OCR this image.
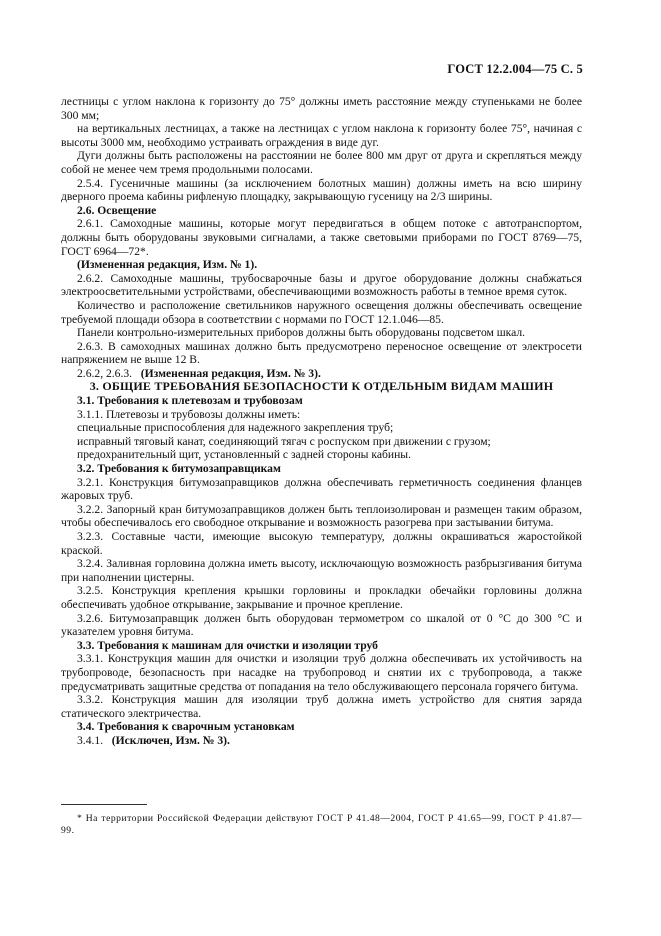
ГОСТ 12.2.004—75 С. 5

лестницы с углом наклона к горизонту до 75° должны иметь расстояние между ступеньками не более 300 мм;

на вертикальных лестницах, а также на лестницах с углом наклона к горизонту более 75°, начиная с высоты 3000 мм, необходимо устраивать ограждения в виде дуг.

Дуги должны быть расположены на расстоянии не более 800 мм друг от друга и скрепляться между собой не менее чем тремя продольными полосами.

2.5.4. Гусеничные машины (за исключением болотных машин) должны иметь на всю ширину дверного проема кабины рифленую площадку, закрывающую гусеницу на 2/3 ширины.

2.6. Освещение

2.6.1. Самоходные машины, которые могут передвигаться в общем потоке с автотранспортом, должны быть оборудованы звуковыми сигналами, а также световыми приборами по ГОСТ 8769—75, ГОСТ 6964—72*.

(Измененная редакция, Изм. № 1).

2.6.2. Самоходные машины, трубосварочные базы и другое оборудование должны снабжаться электроосветительными устройствами, обеспечивающими возможность работы в темное время суток.

Количество и расположение светильников наружного освещения должны обеспечивать освещение требуемой площади обзора в соответствии с нормами по ГОСТ 12.1.046—85.

Панели контрольно-измерительных приборов должны быть оборудованы подсветом шкал.

2.6.3. В самоходных машинах должно быть предусмотрено переносное освещение от электросети напряжением не выше 12 В.

2.6.2, 2.6.3.   (Измененная редакция, Изм. № 3).

3. ОБЩИЕ ТРЕБОВАНИЯ БЕЗОПАСНОСТИ К ОТДЕЛЬНЫМ ВИДАМ МАШИН

3.1. Требования к плетевозам и трубовозам

3.1.1. Плетевозы и трубовозы должны иметь:

специальные приспособления для надежного закрепления труб;

исправный тяговый канат, соединяющий тягач с роспуском при движении с грузом;

предохранительный щит, установленный с задней стороны кабины.

3.2. Требования к битумозаправщикам

3.2.1. Конструкция битумозаправщиков должна обеспечивать герметичность соединения фланцев жаровых труб.

3.2.2. Запорный кран битумозаправщиков должен быть теплоизолирован и размещен таким образом, чтобы обеспечивалось его свободное открывание и возможность разогрева при застывании битума.

3.2.3. Составные части, имеющие высокую температуру, должны окрашиваться жаростойкой краской.

3.2.4. Заливная горловина должна иметь высоту, исключающую возможность разбрызгивания битума при наполнении цистерны.

3.2.5. Конструкция крепления крышки горловины и прокладки обечайки горловины должна обеспечивать удобное открывание, закрывание и прочное крепление.

3.2.6. Битумозаправщик должен быть оборудован термометром со шкалой от 0 °С до 300 °С и указателем уровня битума.

3.3. Требования к машинам для очистки и изоляции труб

3.3.1. Конструкция машин для очистки и изоляции труб должна обеспечивать их устойчивость на трубопроводе, безопасность при насадке на трубопровод и снятии их с трубопровода, а также предусматривать защитные средства от попадания на тело обслуживающего персонала горячего битума.

3.3.2. Конструкция машин для изоляции труб должна иметь устройство для снятия заряда статического электричества.

3.4. Требования к сварочным установкам

3.4.1.   (Исключен, Изм. № 3).

* На территории Российской Федерации действуют ГОСТ Р 41.48—2004, ГОСТ Р 41.65—99, ГОСТ Р 41.87—99.
